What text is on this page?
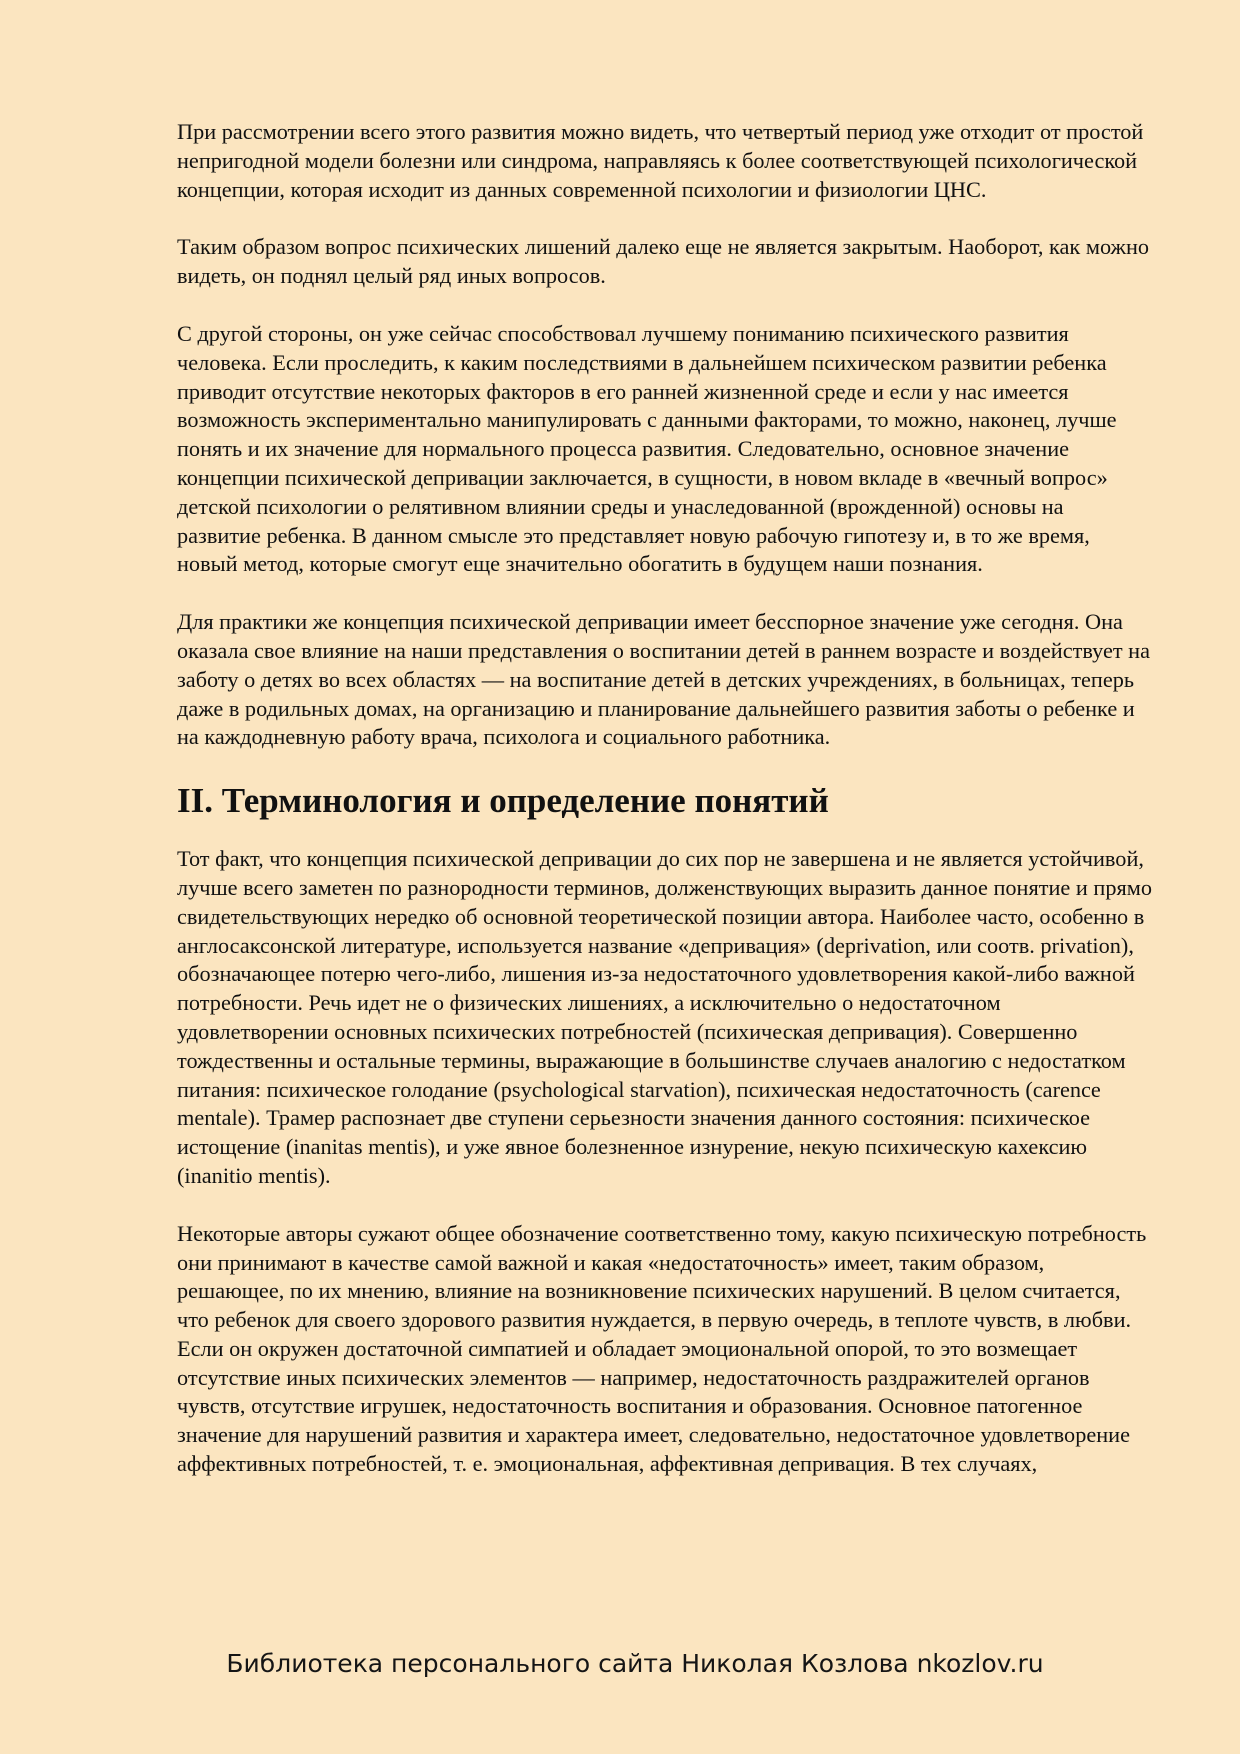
При рассмотрении всего этого развития можно видеть, что четвертый период уже отходит от простой непригодной модели болезни или синдрома, направляясь к более соответствующей психологической концепции, которая исходит из данных современной психологии и физиологии ЦНС.

Таким образом вопрос психических лишений далеко еще не является закрытым. Наоборот, как можно видеть, он поднял целый ряд иных вопросов.

С другой стороны, он уже сейчас способствовал лучшему пониманию психического развития человека. Если проследить, к каким последствиями в дальнейшем психическом развитии ребенка приводит отсутствие некоторых факторов в его ранней жизненной среде и если у нас имеется возможность экспериментально манипулировать с данными факторами, то можно, наконец, лучше понять и их значение для нормального процесса развития. Следовательно, основное значение концепции психической депривации заключается, в сущности, в новом вкладе в «вечный вопрос» детской психологии о релятивном влиянии среды и унаследованной (врожденной) основы на развитие ребенка. В данном смысле это представляет новую рабочую гипотезу и, в то же время, новый метод, которые смогут еще значительно обогатить в будущем наши познания.

Для практики же концепция психической депривации имеет бесспорное значение уже сегодня. Она оказала свое влияние на наши представления о воспитании детей в раннем возрасте и воздействует на заботу о детях во всех областях — на воспитание детей в детских учреждениях, в больницах, теперь даже в родильных домах, на организацию и планирование дальнейшего развития заботы о ребенке и на каждодневную работу врача, психолога и социального работника.

II. Терминология и определение понятий

Тот факт, что концепция психической депривации до сих пор не завершена и не является устойчивой, лучше всего заметен по разнородности терминов, долженствующих выразить данное понятие и прямо свидетельствующих нередко об основной теоретической позиции автора. Наиболее часто, особенно в англосаксонской литературе, используется название «депривация» (deprivation, или соотв. privation), обозначающее потерю чего-либо, лишения из-за недостаточного удовлетворения какой-либо важной потребности. Речь идет не о физических лишениях, а исключительно о недостаточном удовлетворении основных психических потребностей (психическая депривация). Совершенно тождественны и остальные термины, выражающие в большинстве случаев аналогию с недостатком питания: психическое голодание (psychological starvation), психическая недостаточность (carence mentale). Трамер распознает две ступени серьезности значения данного состояния: психическое истощение (inanitas mentis), и уже явное болезненное изнурение, некую психическую кахексию (inanitio mentis).

Некоторые авторы сужают общее обозначение соответственно тому, какую психическую потребность они принимают в качестве самой важной и какая «недостаточность» имеет, таким образом, решающее, по их мнению, влияние на возникновение психических нарушений. В целом считается, что ребенок для своего здорового развития нуждается, в первую очередь, в теплоте чувств, в любви. Если он окружен достаточной симпатией и обладает эмоциональной опорой, то это возмещает отсутствие иных психических элементов — например, недостаточность раздражителей органов чувств, отсутствие игрушек, недостаточность воспитания и образования. Основное патогенное значение для нарушений развития и характера имеет, следовательно, недостаточное удовлетворение аффективных потребностей, т. е. эмоциональная, аффективная депривация. В тех случаях,

Библиотека персонального сайта Николая Козлова nkozlov.ru
